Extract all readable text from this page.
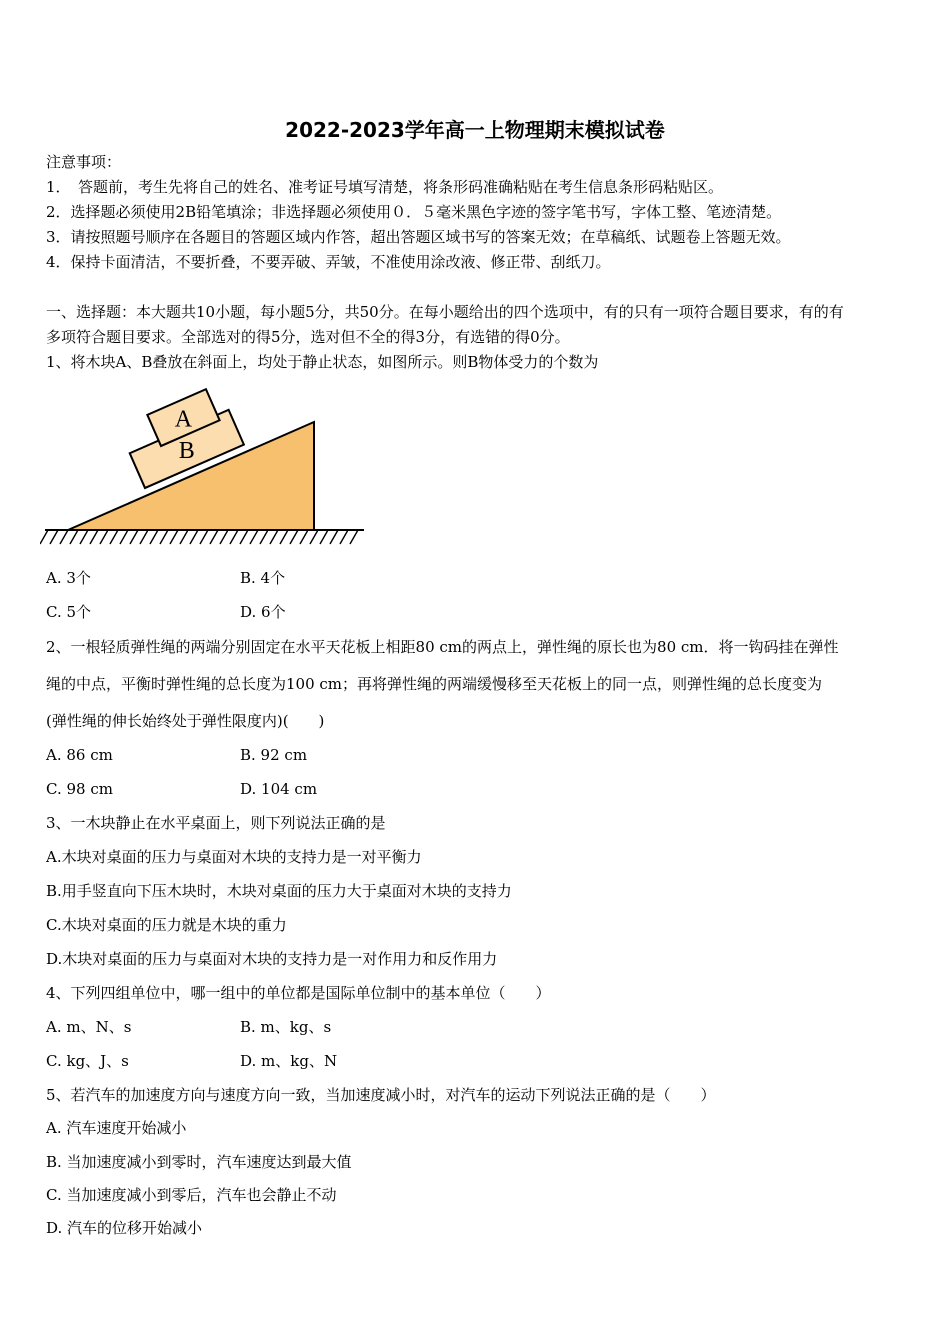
2022-2023学年高一上物理期末模拟试卷
注意事项：
1．　答题前，考生先将自己的姓名、准考证号填写清楚，将条形码准确粘贴在考生信息条形码粘贴区。
2．选择题必须使用2B铅笔填涂；非选择题必须使用０．５毫米黑色字迹的签字笔书写，字体工整、笔迹清楚。
3．请按照题号顺序在各题目的答题区域内作答，超出答题区域书写的答案无效；在草稿纸、试题卷上答题无效。
4．保持卡面清洁，不要折叠，不要弄破、弄皱，不准使用涂改液、修正带、刮纸刀。
一、选择题：本大题共10小题，每小题5分，共50分。在每小题给出的四个选项中，有的只有一项符合题目要求，有的有
多项符合题目要求。全部选对的得5分，选对但不全的得3分，有选错的得0分。
1、将木块A、B叠放在斜面上，均处于静止状态，如图所示。则B物体受力的个数为
B
A
A. 3个	B. 4个
C. 5个	D. 6个
2、一根轻质弹性绳的两端分别固定在水平天花板上相距80 cm的两点上，弹性绳的原长也为80 cm．将一钩码挂在弹性
绳的中点，平衡时弹性绳的总长度为100 cm；再将弹性绳的两端缓慢移至天花板上的同一点，则弹性绳的总长度变为
(弹性绳的伸长始终处于弹性限度内)(　　)
A. 86 cm	B. 92 cm
C. 98 cm	D. 104 cm
3、一木块静止在水平桌面上，则下列说法正确的是
A.木块对桌面的压力与桌面对木块的支持力是一对平衡力
B.用手竖直向下压木块时，木块对桌面的压力大于桌面对木块的支持力
C.木块对桌面的压力就是木块的重力
D.木块对桌面的压力与桌面对木块的支持力是一对作用力和反作用力
4、下列四组单位中，哪一组中的单位都是国际单位制中的基本单位（　　）
A. m、N、s	B. m、kg、s
C. kg、J、s	D. m、kg、N
5、若汽车的加速度方向与速度方向一致，当加速度减小时，对汽车的运动下列说法正确的是（　　）
A. 汽车速度开始减小
B. 当加速度减小到零时，汽车速度达到最大值
C. 当加速度减小到零后，汽车也会静止不动
D. 汽车的位移开始减小
